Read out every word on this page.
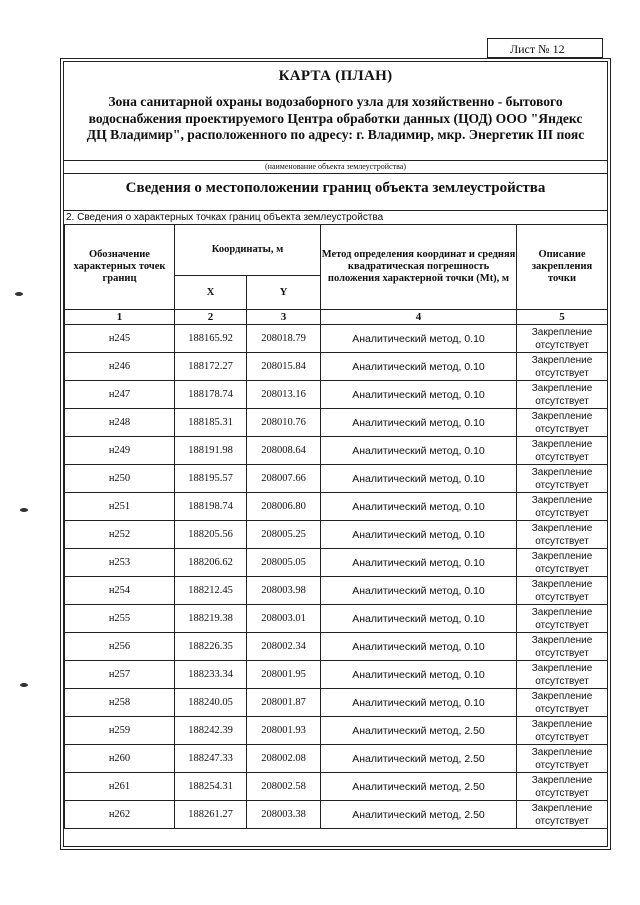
Лист № 12
КАРТА (ПЛАН)
Зона санитарной охраны водозаборного узла для хозяйственно - бытового водоснабжения проектируемого Центра обработки данных (ЦОД) ООО "Яндекс ДЦ Владимир", расположенного по адресу: г. Владимир, мкр. Энергетик III пояс
(наименование объекта землеустройства)
Сведения о местоположении границ объекта землеустройства
2. Сведения о характерных точках границ объекта землеустройства
Обозначение характерных точек границ	Координаты, м		Метод определения координат и средняя квадратическая погрешность положения характерной точки (Mt), м	Описание закрепления точки
	X	Y		
1	2	3	4	5
н245	188165.92	208018.79	Аналитический метод, 0.10	Закрепление отсутствует
н246	188172.27	208015.84	Аналитический метод, 0.10	Закрепление отсутствует
н247	188178.74	208013.16	Аналитический метод, 0.10	Закрепление отсутствует
н248	188185.31	208010.76	Аналитический метод, 0.10	Закрепление отсутствует
н249	188191.98	208008.64	Аналитический метод, 0.10	Закрепление отсутствует
н250	188195.57	208007.66	Аналитический метод, 0.10	Закрепление отсутствует
н251	188198.74	208006.80	Аналитический метод, 0.10	Закрепление отсутствует
н252	188205.56	208005.25	Аналитический метод, 0.10	Закрепление отсутствует
н253	188206.62	208005.05	Аналитический метод, 0.10	Закрепление отсутствует
н254	188212.45	208003.98	Аналитический метод, 0.10	Закрепление отсутствует
н255	188219.38	208003.01	Аналитический метод, 0.10	Закрепление отсутствует
н256	188226.35	208002.34	Аналитический метод, 0.10	Закрепление отсутствует
н257	188233.34	208001.95	Аналитический метод, 0.10	Закрепление отсутствует
н258	188240.05	208001.87	Аналитический метод, 0.10	Закрепление отсутствует
н259	188242.39	208001.93	Аналитический метод, 2.50	Закрепление отсутствует
н260	188247.33	208002.08	Аналитический метод, 2.50	Закрепление отсутствует
н261	188254.31	208002.58	Аналитический метод, 2.50	Закрепление отсутствует
н262	188261.27	208003.38	Аналитический метод, 2.50	Закрепление отсутствует
